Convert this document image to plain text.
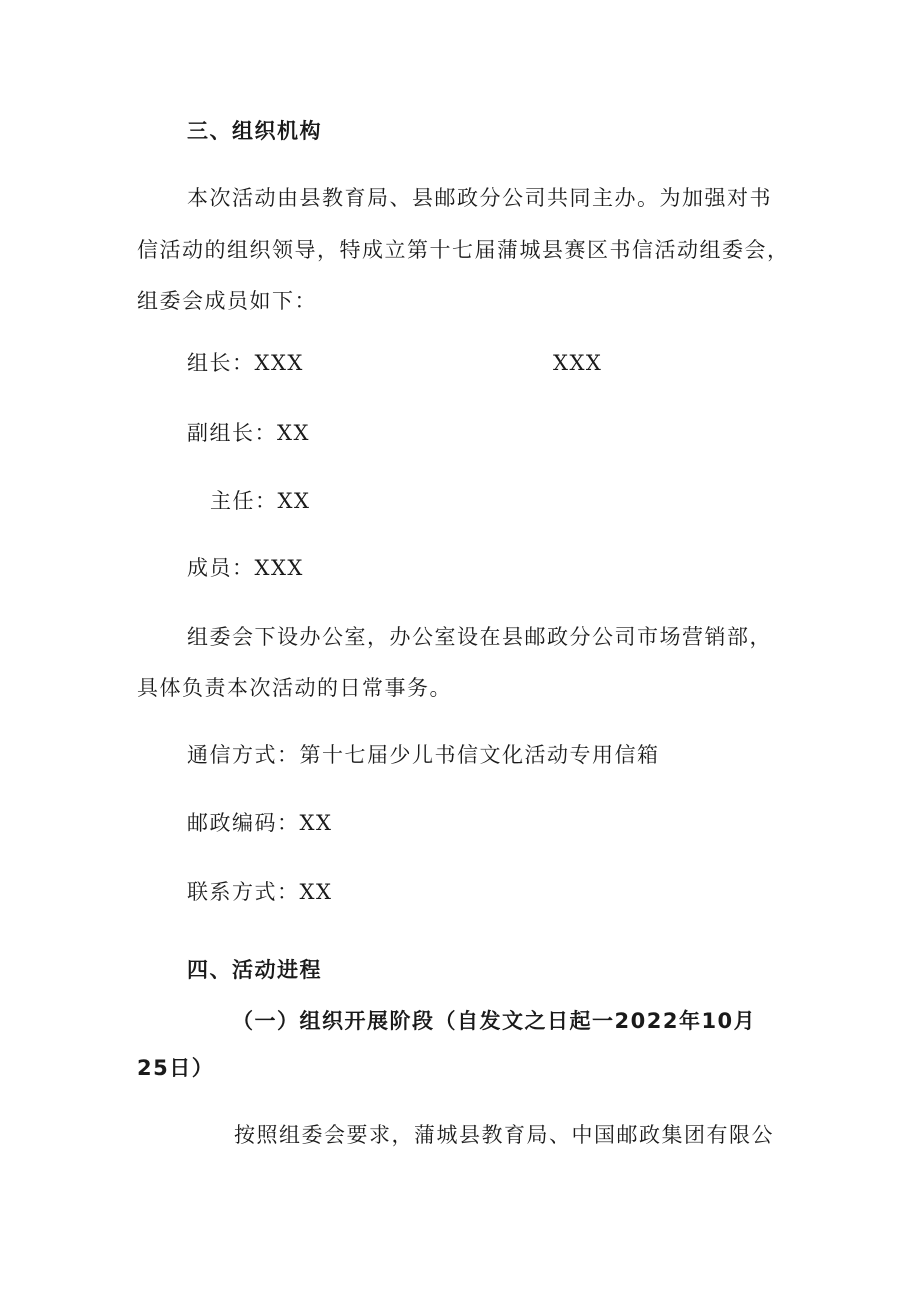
三、组织机构
本次活动由县教育局、县邮政分公司共同主办。为加强对书
信活动的组织领导，特成立第十七届蒲城县赛区书信活动组委会，
组委会成员如下：
组长：XXX	XXX
副组长：XX
主任：XX
成员：XXX
组委会下设办公室，办公室设在县邮政分公司市场营销部，
具体负责本次活动的日常事务。
通信方式：第十七届少儿书信文化活动专用信箱
邮政编码：XX
联系方式：XX
四、活动进程
（一）组织开展阶段（自发文之日起一2022年10月
25日）
按照组委会要求，蒲城县教育局、中国邮政集团有限公
